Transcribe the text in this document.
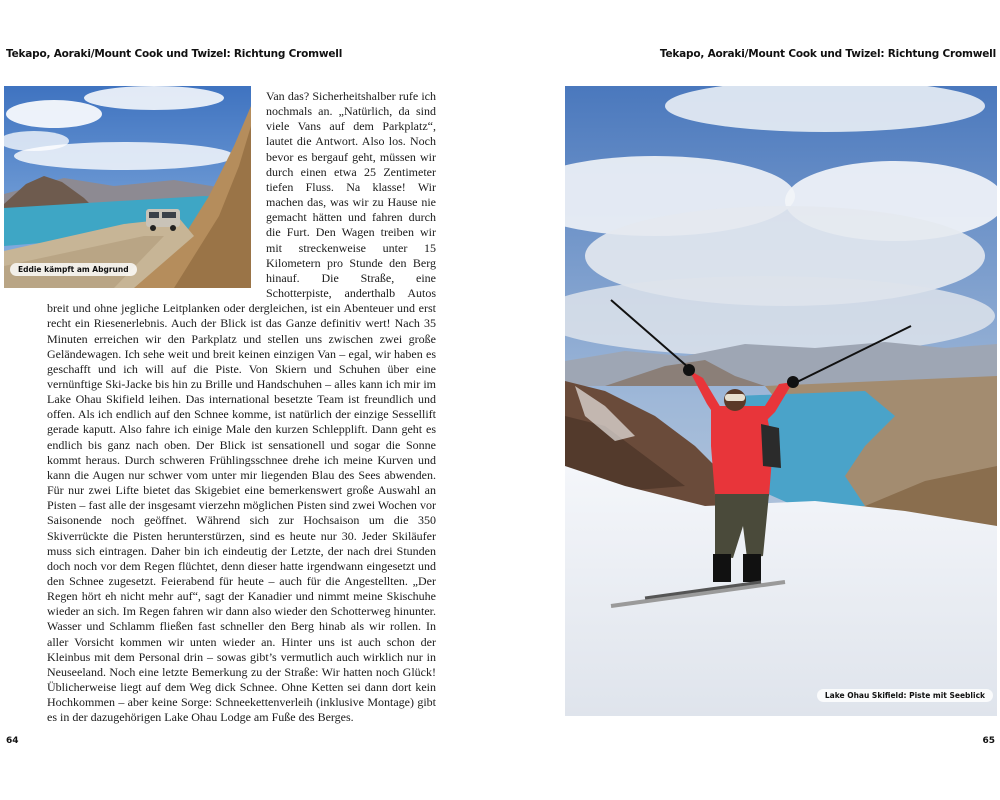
Tekapo, Aoraki/Mount Cook und Twizel: Richtung Cromwell
Eddie kämpft am Abgrund

Van das? Sicherheitshalber rufe ich nochmals an. „Natürlich, da sind viele Vans auf dem Parkplatz“, lautet die Antwort. Also los. Noch bevor es bergauf geht, müssen wir durch einen etwa 25 Zentimeter tiefen Fluss. Na klasse! Wir machen das, was wir zu Hause nie gemacht hätten und fahren durch die Furt. Den Wagen treiben wir mit streckenweise unter 15 Kilometern pro Stunde den Berg hinauf. Die Straße, eine Schotterpiste, anderthalb Autos breit und ohne jegliche Leitplanken oder dergleichen, ist ein Abenteuer und erst recht ein Riesenerlebnis. Auch der Blick ist das Ganze definitiv wert! Nach 35 Minuten erreichen wir den Parkplatz und stellen uns zwischen zwei große Geländewagen. Ich sehe weit und breit keinen einzigen Van – egal, wir haben es geschafft und ich will auf die Piste. Von Skiern und Schuhen über eine vernünftige Ski-Jacke bis hin zu Brille und Handschuhen – alles kann ich mir im Lake Ohau Skifield leihen. Das international besetzte Team ist freundlich und offen. Als ich endlich auf den Schnee komme, ist natürlich der einzige Sessellift gerade kaputt. Also fahre ich einige Male den kurzen Schlepplift. Dann geht es endlich bis ganz nach oben. Der Blick ist sensationell und sogar die Sonne kommt heraus. Durch schweren Frühlingsschnee drehe ich meine Kurven und kann die Augen nur schwer vom unter mir liegenden Blau des Sees abwenden. Für nur zwei Lifte bietet das Skigebiet eine bemerkenswert große Auswahl an Pisten – fast alle der insgesamt vierzehn möglichen Pisten sind zwei Wochen vor Saisonende noch geöffnet. Während sich zur Hochsaison um die 350 Skiverrückte die Pisten herunterstürzen, sind es heute nur 30. Jeder Skiläufer muss sich eintragen. Daher bin ich eindeutig der Letzte, der nach drei Stunden doch noch vor dem Regen flüchtet, denn dieser hatte irgendwann eingesetzt und den Schnee zugesetzt. Feierabend für heute – auch für die Angestellten. „Der Regen hört eh nicht mehr auf“, sagt der Kanadier und nimmt meine Skischuhe wieder an sich. Im Regen fahren wir dann also wieder den Schotterweg hinunter. Wasser und Schlamm fließen fast schneller den Berg hinab als wir rollen. In aller Vorsicht kommen wir unten wieder an. Hinter uns ist auch schon der Kleinbus mit dem Personal drin – sowas gibt’s vermutlich auch wirklich nur in Neuseeland. Noch eine letzte Bemerkung zu der Straße: Wir hatten noch Glück! Üblicherweise liegt auf dem Weg dick Schnee. Ohne Ketten sei dann dort kein Hochkommen – aber keine Sorge: Schneekettenverleih (inklusive Montage) gibt es in der dazugehörigen Lake Ohau Lodge am Fuße des Berges.

64
Tekapo, Aoraki/Mount Cook und Twizel: Richtung Cromwell
Lake Ohau Skifield: Piste mit Seeblick
65
